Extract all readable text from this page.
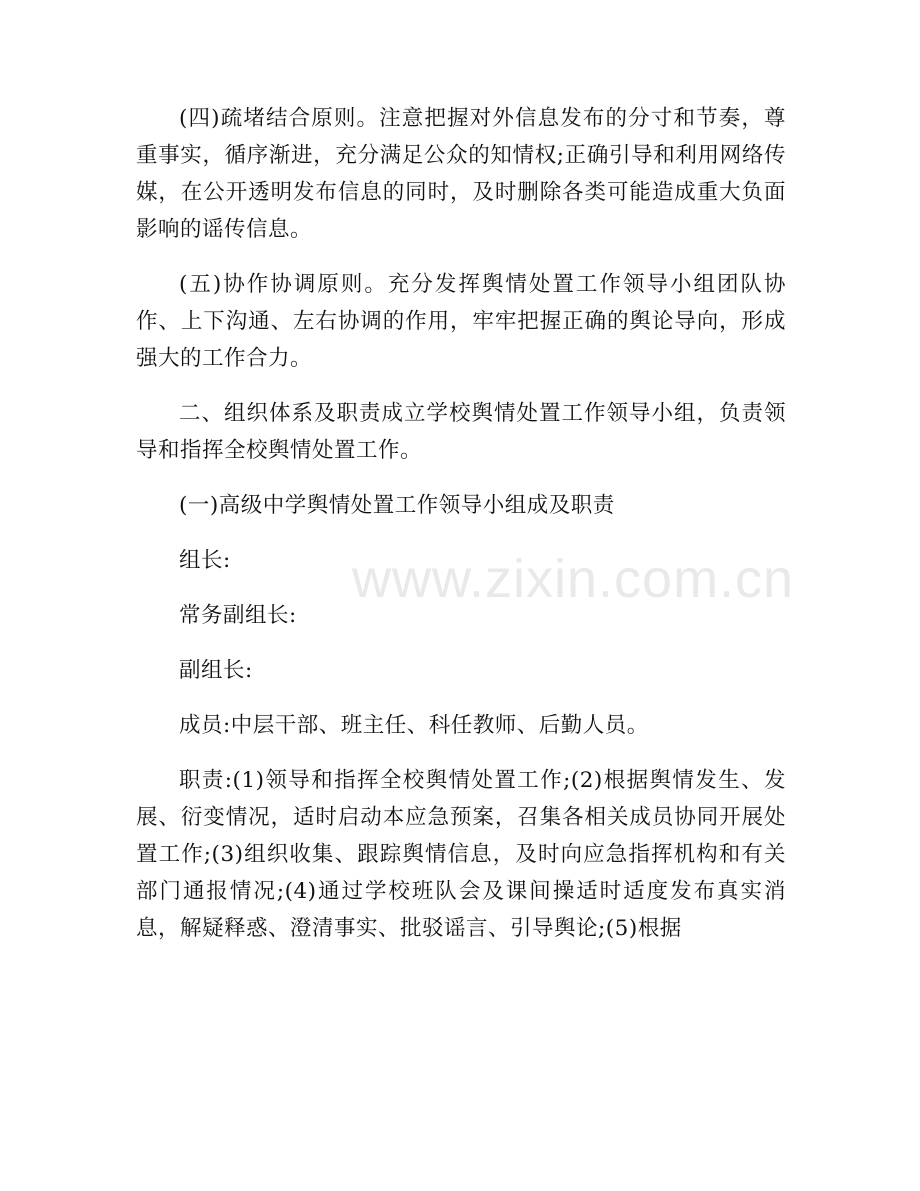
www.zixin.com.cn

(四)疏堵结合原则。注意把握对外信息发布的分寸和节奏，尊重事实，循序渐进，充分满足公众的知情权;正确引导和利用网络传媒，在公开透明发布信息的同时，及时删除各类可能造成重大负面影响的谣传信息。

(五)协作协调原则。充分发挥舆情处置工作领导小组团队协作、上下沟通、左右协调的作用，牢牢把握正确的舆论导向，形成强大的工作合力。

二、组织体系及职责成立学校舆情处置工作领导小组，负责领导和指挥全校舆情处置工作。

(一)高级中学舆情处置工作领导小组成及职责

组长:

常务副组长:

副组长:

成员:中层干部、班主任、科任教师、后勤人员。

职责:(1)领导和指挥全校舆情处置工作;(2)根据舆情发生、发展、衍变情况，适时启动本应急预案，召集各相关成员协同开展处置工作;(3)组织收集、跟踪舆情信息，及时向应急指挥机构和有关部门通报情况;(4)通过学校班队会及课间操适时适度发布真实消息，解疑释惑、澄清事实、批驳谣言、引导舆论;(5)根据
